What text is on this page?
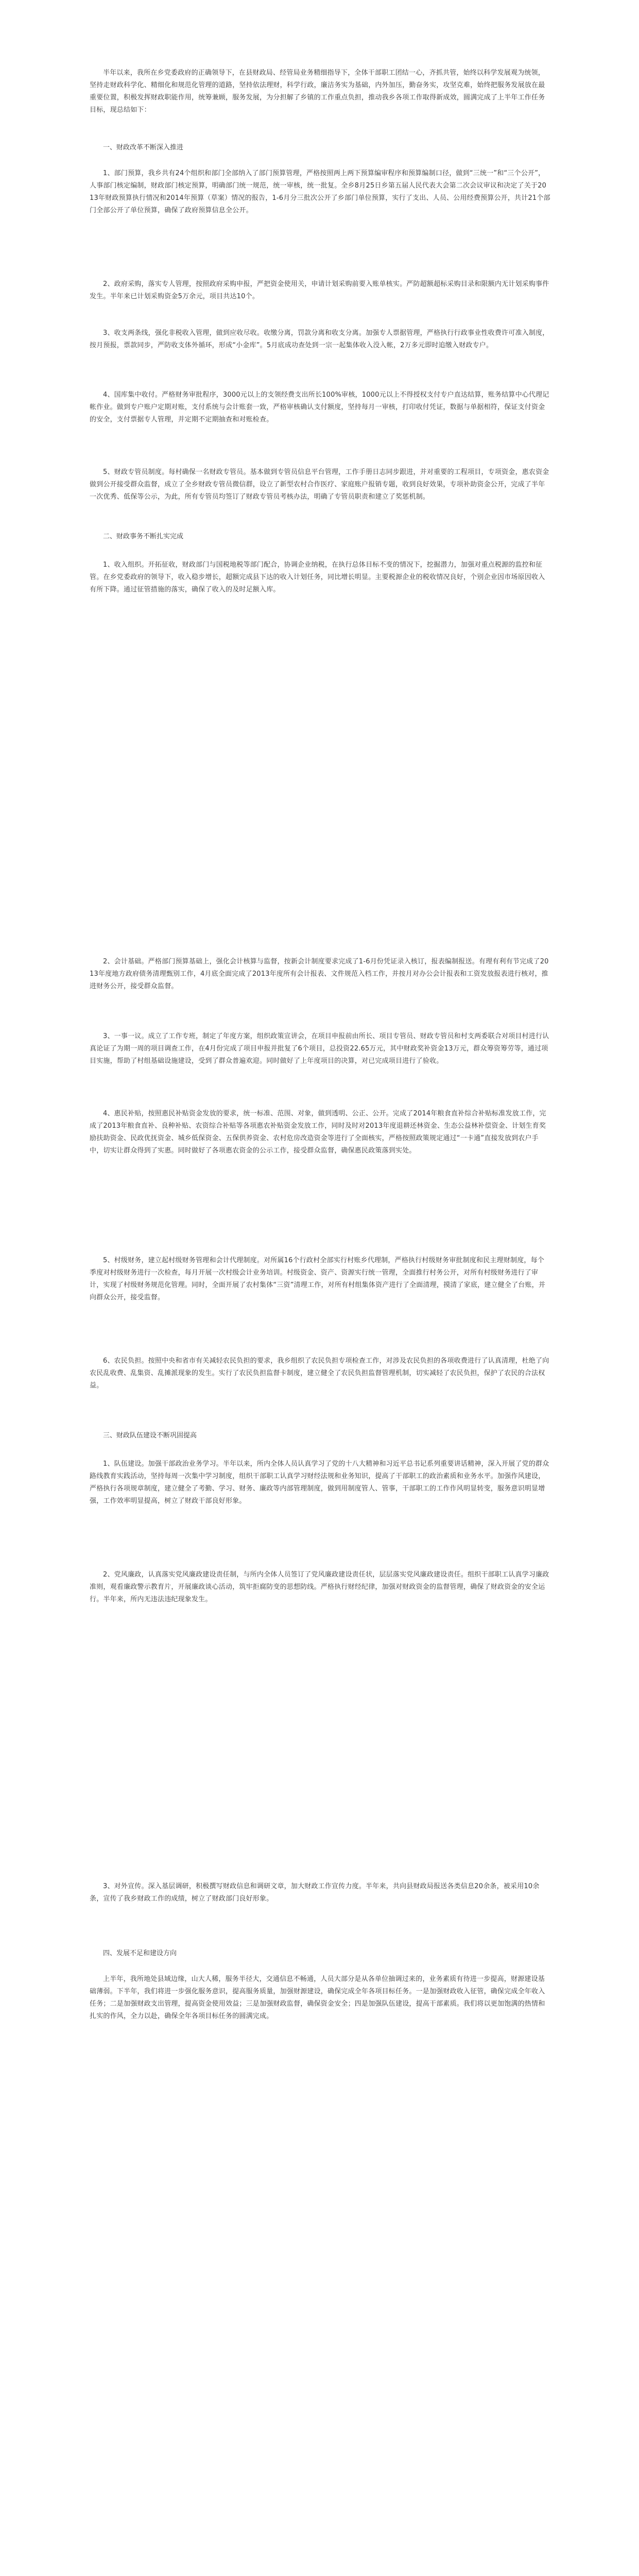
半年以来，我所在乡党委政府的正确领导下，在县财政局、经管局业务精细指导下，全体干部职工团结一心，齐抓共管，始终以科学发展观为统领，坚持走财政科学化、精细化和规范化管理的道路，坚持依法理财，科学行政，廉洁务实为基础，内外加压，勤奋务实，攻坚克难，始终把服务发展放在最重要位置，积极发挥财政职能作用，统筹兼顾，服务发展，为分担解了乡镇的工作重点负担，推动我乡各项工作取得新成效，圆满完成了上半年工作任务目标，现总结如下：

一、财政改革不断深入推进

1、部门预算，我乡共有24个组织和部门全部纳入了部门预算管理，严格按照两上两下预算编审程序和预算编制口径，做到“三统一”和“三个公开”，人事部门核定编制，财政部门核定预算，明确部门统一规范，统一审核，统一批复。全乡8月25日乡第五届人民代表大会第二次会议审议和决定了关于2013年财政预算执行情况和2014年预算（草案）情况的报告，1-6月分三批次公开了乡部门单位预算，实行了支出、人员、公用经费预算公开，共计21个部门全部公开了单位预算，确保了政府预算信息全公开。

2、政府采购，落实专人管理，按照政府采购申报，严把资金使用关，申请计划采购前要入账单核实。严防超额超标采购目录和限额内无计划采购事件发生。半年来已计划采购资金5万余元，项目共达10个。

3、收支两条线，强化非税收入管理，做到应收尽收。收缴分离，罚款分离和收支分离。加强专人票据管理，严格执行行政事业性收费许可准入制度，按月预报，票款同步，严防收支体外循环，形成“小金库”。5月底成功查处到一宗一起集体收入没入帐，2万多元即时追缴入财政专户。

4、国库集中收付。严格财务审批程序，3000元以上的支领经费支出所长100%审核，1000元以上不得授权支付专户直达结算，账务结算中心代理记帐作业。做到专户账户定期对账，支付系统与会计账套一致，严格审核确认支付额度，坚持每月一审核，打印收付凭证，数据与单据相符，保证支付资金的安全，支付票据专人管理，并定期不定期抽查和对账检查。

5、财政专管员制度。每村确保一名财政专管员。基本做到专管员信息平台管理，工作手册日志同步跟进，并对重要的工程项目，专项资金，惠农资金做到公开接受群众监督，成立了全乡财政专管员微信群，设立了新型农村合作医疗、家庭账户报销专题，收到良好效果，专项补助资金公开，完成了半年一次优秀、低保等公示，为此，所有专管员均签订了财政专管员考核办法，明确了专管员职责和建立了奖惩机制。

二、财政事务不断扎实完成

1、收入组织。开拓征收，财政部门与国税地税等部门配合，协调企业纳税，在执行总体目标不变的情况下，挖掘潜力，加强对重点税源的监控和征管。在乡党委政府的领导下，收入稳步增长，超额完成县下达的收入计划任务，同比增长明显。主要税源企业的税收情况良好，个别企业因市场原因收入有所下降。通过征管措施的落实，确保了收入的及时足额入库。

2、会计基础。严格部门预算基础上，强化会计核算与监督，按新会计制度要求完成了1-6月份凭证录入核订，报表编制报送。有理有利有节完成了2013年度地方政府债务清理甄别工作，4月底全面完成了2013年度所有会计报表、文件规范入档工作，并按月对办公会计报表和工资发放报表进行核对，推进财务公开，接受群众监督。

3、一事一议。成立了工作专班，制定了年度方案，组织政策宣讲会，在项目申报前由所长、项目专管员、财政专管员和村支两委联合对项目村进行认真论证了为期一周的项目调查工作，在4月份完成了项目申报并批复了6个项目，总投资22.65万元，其中财政奖补资金13万元，群众筹资筹劳等，通过项目实施，帮助了村组基础设施建设，受到了群众普遍欢迎。同时做好了上年度项目的决算，对已完成项目进行了验收。

4、惠民补贴，按照惠民补贴资金发放的要求，统一标准、范围、对象，做到透明、公正、公开。完成了2014年粮食直补综合补贴标准发放工作，完成了2013年粮食直补、良种补贴、农资综合补贴等各项惠农补贴资金发放工作，同时及时对2013年度退耕还林资金、生态公益林补偿资金、计划生育奖励扶助资金、民政优抚资金、城乡低保资金、五保供养资金、农村危房改造资金等进行了全面核实，严格按照政策规定通过“一卡通”直接发放到农户手中，切实让群众得到了实惠。同时做好了各项惠农资金的公示工作，接受群众监督，确保惠民政策落到实处。

5、村级财务，建立起村级财务管理和会计代理制度。对所属16个行政村全部实行村账乡代理制，严格执行村级财务审批制度和民主理财制度，每个季度对村级财务进行一次检查，每月开展一次村级会计业务培训。村级资金、资产、资源实行统一管理，全面推行村务公开，对所有村级财务进行了审计，实现了村级财务规范化管理。同时，全面开展了农村集体“三资”清理工作，对所有村组集体资产进行了全面清理，摸清了家底，建立健全了台账，并向群众公开，接受监督。

6、农民负担。按照中央和省市有关减轻农民负担的要求，我乡组织了农民负担专项检查工作，对涉及农民负担的各项收费进行了认真清理，杜绝了向农民乱收费、乱集资、乱摊派现象的发生。实行了农民负担监督卡制度，建立健全了农民负担监督管理机制，切实减轻了农民负担，保护了农民的合法权益。

三、财政队伍建设不断巩固提高

1、队伍建设。加强干部政治业务学习。半年以来，所内全体人员认真学习了党的十八大精神和习近平总书记系列重要讲话精神，深入开展了党的群众路线教育实践活动，坚持每周一次集中学习制度，组织干部职工认真学习财经法规和业务知识，提高了干部职工的政治素质和业务水平。加强作风建设，严格执行各项规章制度，建立健全了考勤、学习、财务、廉政等内部管理制度，做到用制度管人、管事，干部职工的工作作风明显转变，服务意识明显增强，工作效率明显提高，树立了财政干部良好形象。

2、党风廉政，认真落实党风廉政建设责任制，与所内全体人员签订了党风廉政建设责任状，层层落实党风廉政建设责任。组织干部职工认真学习廉政准则，观看廉政警示教育片，开展廉政谈心活动，筑牢拒腐防变的思想防线。严格执行财经纪律，加强对财政资金的监督管理，确保了财政资金的安全运行。半年来，所内无违法违纪现象发生。

3、对外宣传。深入基层调研，积极撰写财政信息和调研文章，加大财政工作宣传力度。半年来，共向县财政局报送各类信息20余条，被采用10余条，宣传了我乡财政工作的成绩，树立了财政部门良好形象。

四、发展不足和建设方向

上半年，我所地处县域边缘，山大人稀，服务半径大，交通信息不畅通，人员大部分是从各单位抽调过来的，业务素质有待进一步提高，财源建设基础薄弱。下半年，我们将进一步强化服务意识，提高服务质量，加强财源建设，确保完成全年各项目标任务。一是加强财政收入征管，确保完成全年收入任务；二是加强财政支出管理，提高资金使用效益；三是加强财政监督，确保资金安全；四是加强队伍建设，提高干部素质。我们将以更加饱满的热情和扎实的作风，全力以赴，确保全年各项目标任务的圆满完成。
